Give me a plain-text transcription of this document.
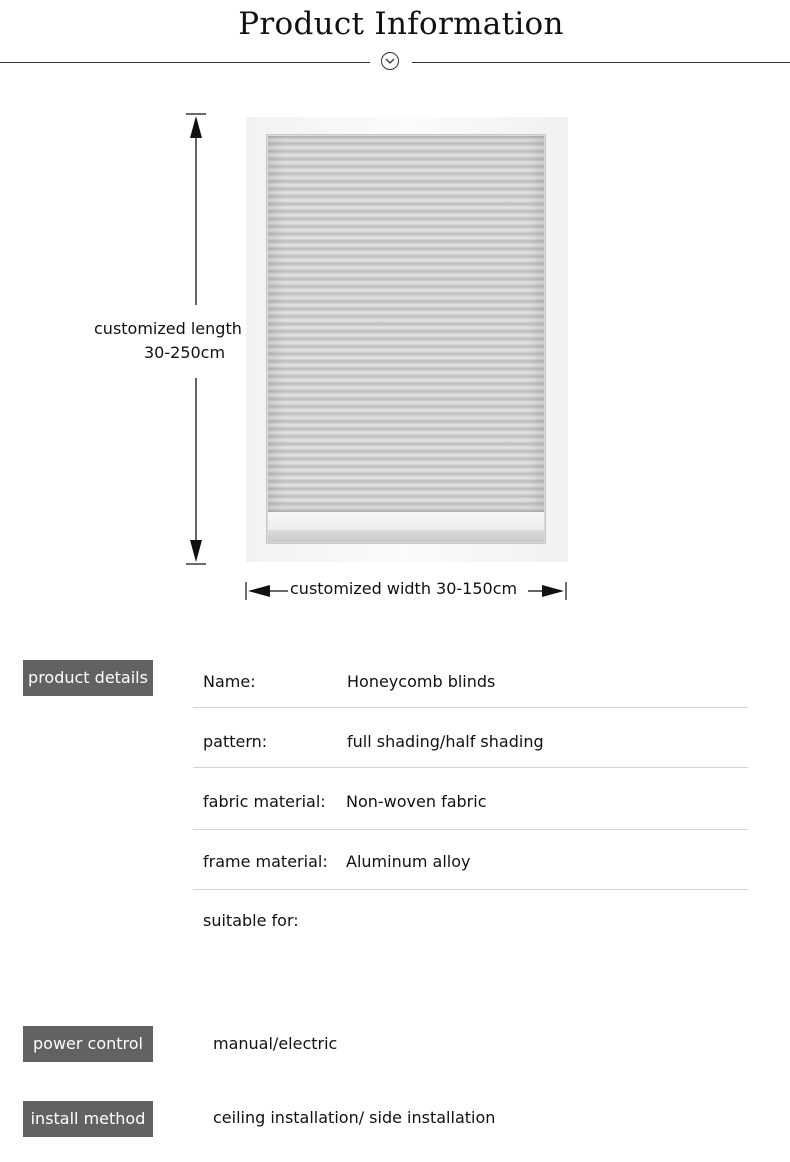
Product Information
customized length
30-250cm
customized width 30-150cm
product details	Name:	Honeycomb blinds
pattern:	full shading/half shading
fabric material: Non-woven fabric
frame material: Aluminum alloy
suitable for:
power control	manual/electric
install method	ceiling installation/ side installation
